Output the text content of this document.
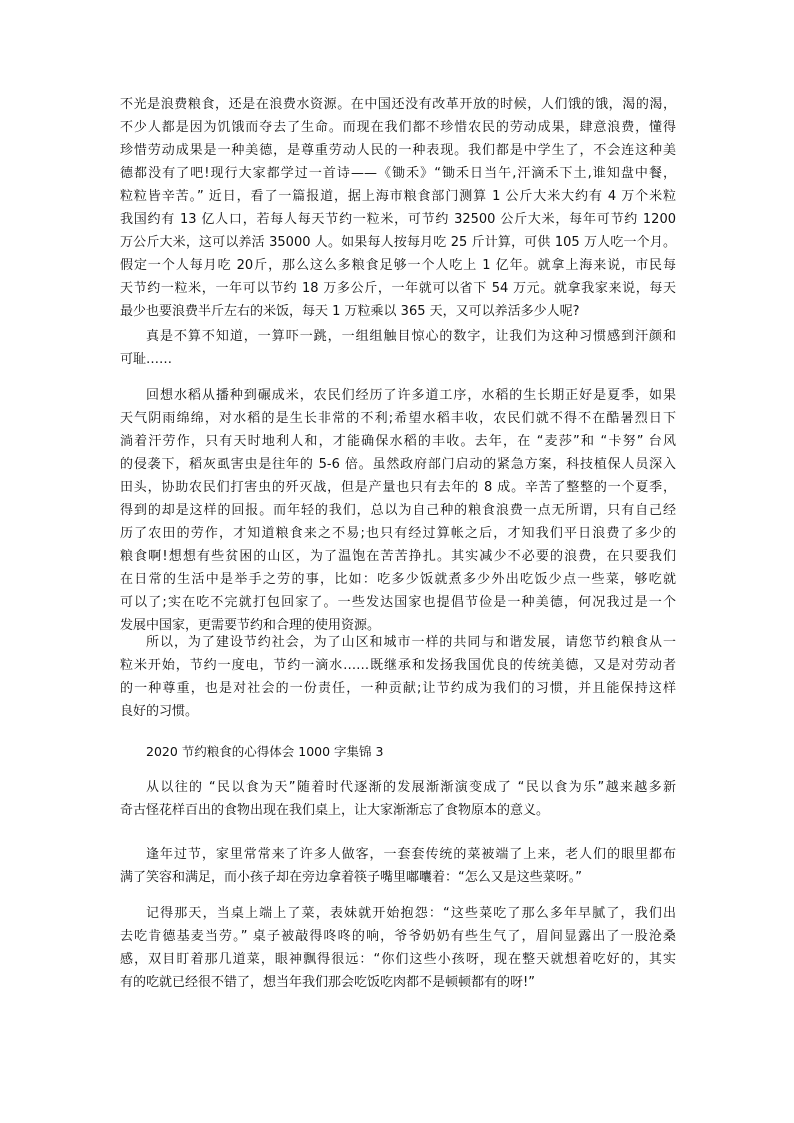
不光是浪费粮食，还是在浪费水资源。在中国还没有改革开放的时候，人们饿的饿，渴的渴，
不少人都是因为饥饿而夺去了生命。而现在我们都不珍惜农民的劳动成果，肆意浪费，懂得
珍惜劳动成果是一种美德，是尊重劳动人民的一种表现。我们都是中学生了，不会连这种美
德都没有了吧!现行大家都学过一首诗——《锄禾》“锄禾日当午,汗滴禾下土,谁知盘中餐，
粒粒皆辛苦。” 近日，看了一篇报道，据上海市粮食部门测算 1 公斤大米大约有 4 万个米粒
我国约有 13 亿人口，若每人每天节约一粒米，可节约 32500 公斤大米，每年可节约 1200
万公斤大米，这可以养活 35000 人。如果每人按每月吃 25 斤计算，可供 105 万人吃一个月。
假定一个人每月吃 20斤，那么这么多粮食足够一个人吃上 1 亿年。就拿上海来说，市民每
天节约一粒米，一年可以节约 18 万多公斤，一年就可以省下 54 万元。就拿我家来说，每天
最少也要浪费半斤左右的米饭，每天 1 万粒乘以 365 天，又可以养活多少人呢?
真是不算不知道，一算吓一跳，一组组触目惊心的数字，让我们为这种习惯感到汗颜和
可耻……
回想水稻从播种到碾成米，农民们经历了许多道工序，水稻的生长期正好是夏季，如果
天气阴雨绵绵，对水稻的是生长非常的不利;希望水稻丰收，农民们就不得不在酷暑烈日下
淌着汗劳作，只有天时地利人和，才能确保水稻的丰收。去年，在 “麦莎”和 “卡努” 台风
的侵袭下，稻灰虱害虫是往年的 5-6 倍。虽然政府部门启动的紧急方案，科技植保人员深入
田头，协助农民们打害虫的歼灭战，但是产量也只有去年的 8 成。辛苦了整整的一个夏季，
得到的却是这样的回报。而年轻的我们，总以为自己种的粮食浪费一点无所谓，只有自己经
历了农田的劳作，才知道粮食来之不易;也只有经过算帐之后，才知我们平日浪费了多少的
粮食啊!想想有些贫困的山区，为了温饱在苦苦挣扎。其实减少不必要的浪费，在只要我们
在日常的生活中是举手之劳的事，比如：吃多少饭就煮多少外出吃饭少点一些菜，够吃就
可以了;实在吃不完就打包回家了。一些发达国家也提倡节俭是一种美德，何况我过是一个
发展中国家，更需要节约和合理的使用资源。
所以，为了建设节约社会，为了山区和城市一样的共同与和谐发展，请您节约粮食从一
粒米开始，节约一度电，节约一滴水……既继承和发扬我国优良的传统美德，又是对劳动者
的一种尊重，也是对社会的一份责任，一种贡献;让节约成为我们的习惯，并且能保持这样
良好的习惯。
2020 节约粮食的心得体会 1000 字集锦 3
从以往的 “民以食为天”随着时代逐渐的发展渐渐演变成了 “民以食为乐”越来越多新
奇古怪花样百出的食物出现在我们桌上，让大家渐渐忘了食物原本的意义。
逢年过节，家里常常来了许多人做客，一套套传统的菜被端了上来，老人们的眼里都布
满了笑容和满足，而小孩子却在旁边拿着筷子嘴里嘟囔着：“怎么又是这些菜呀。”
记得那天，当桌上端上了菜，表妹就开始抱怨：“这些菜吃了那么多年早腻了，我们出
去吃肯德基麦当劳。” 桌子被敲得咚咚的响，爷爷奶奶有些生气了，眉间显露出了一股沧桑
感，双目盯着那几道菜，眼神飘得很远：“你们这些小孩呀，现在整天就想着吃好的，其实
有的吃就已经很不错了，想当年我们那会吃饭吃肉都不是顿顿都有的呀!”
